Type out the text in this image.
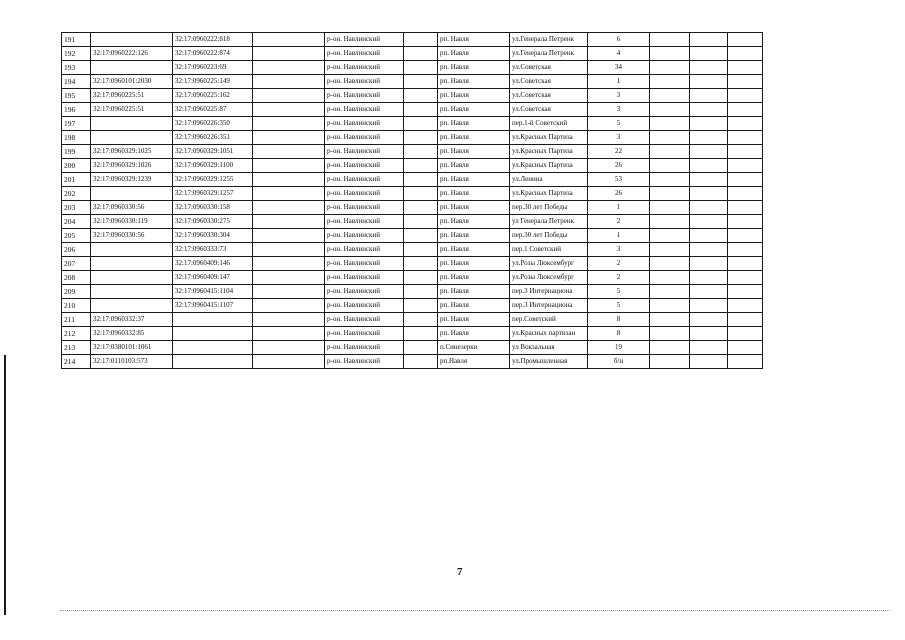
191		32:17:0960222:818		р-он. Навлинский		рп. Навля	ул.Генерала Петренк	6			
192	32:17:0960222:126	32:17:0960222:874		р-он. Навлинский		рп. Навля	ул.Генерала Петренк	4			
193		32:17:0960223:69		р-он. Навлинский		рп. Навля	ул.Советская	34			
194	32:17:0960101:2030	32:17:0960225:149		р-он. Навлинский		рп. Навля	ул.Советская	1			
195	32:17:0960225:51	32:17:0960225:162		р-он. Навлинский		рп. Навля	ул.Советская	3			
196	32:17:0960225:51	32:17:0960225:87		р-он. Навлинский		рп. Навля	ул.Советская	3			
197		32:17:0960226:350		р-он. Навлинский		рп. Навля	пер.1-й Советский	5			
198		32:17:0960226:351		р-он. Навлинский		рп. Навля	ул.Красных Партиза	3			
199	32:17:0960329:1025	32:17:0960329:1051		р-он. Навлинский		рп. Навля	ул.Красных Партиза	22			
200	32:17:0960329:1026	32:17:0960329:1100		р-он. Навлинский		рп. Навля	ул.Красных Партиза	26			
201	32:17:0960329:1239	32:17:0960329:1255		р-он. Навлинский		рп. Навля	ул.Ленина	53			
202		32:17:0960329:1257		р-он. Навлинский		рп. Навля	ул.Красных Партиза	26			
203	32:17:0960330:56	32:17:0960330:158		р-он. Навлинский		рп. Навля	пер.30 лет Победы	1			
204	32:17:0960330:119	32:17:0960330:275		р-он. Навлинский		рп. Навля	ул Генерала Петренк	2			
205	32:17:0960330:56	32:17:0960330:304		р-он. Навлинский		рп. Навля	пер.30 лет Победы	1			
206		32:17:0960333:73		р-он. Навлинский		рп. Навля	пер.1 Советский	3			
207		32:17:0960409:146		р-он. Навлинский		рп. Навля	ул.Розы Люксембург	2			
208		32:17:0960409:147		р-он. Навлинский		рп. Навля	ул.Розы Люксембург	2			
209		32:17:0960415:1104		р-он. Навлинский		рп. Навля	пер.3 Интернациона	5			
210		32:17:0960415:1107		р-он. Навлинский		рп. Навля	пер.3 Интернациона	5			
211	32:17:0960332:37			р-он. Навлинский		рп. Навля	пер.Советский	8			
212	32:17:0960332:85			р-он. Навлинский		рп. Навля	ул.Красных партизан	8			
213	32:17:0380101:1061			р-он. Навлинский		п.Синезерки	ул Вокзальная	19			
214	32:17:0110103:573			р-он. Навлинский		рп.Навля	ул.Промышленная	б/н			
7
